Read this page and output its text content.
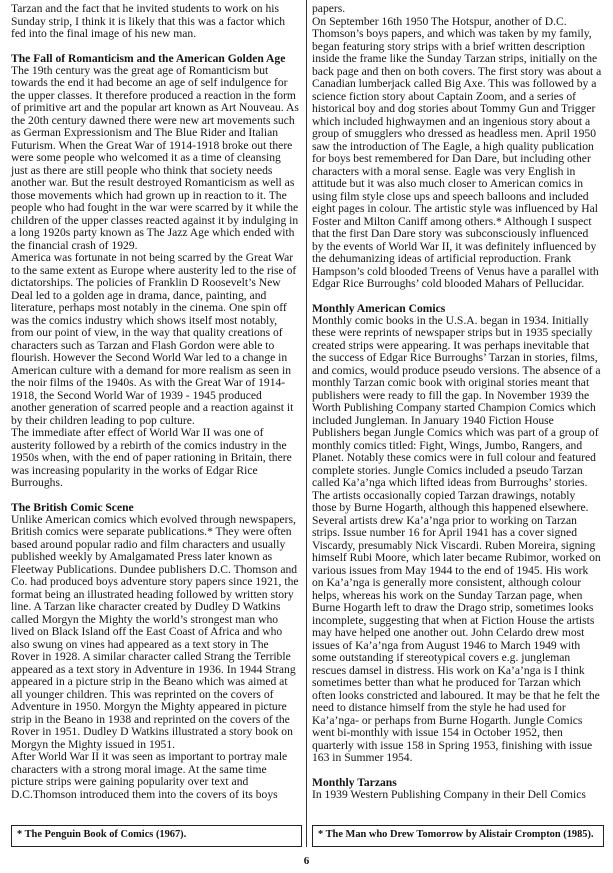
Tarzan and the fact that he invited students to work on his Sunday strip, I think it is likely that this was a factor which fed into the final image of his new man.

The Fall of Romanticism and the American Golden Age

The 19th century was the great age of Romanticism but towards the end it had become an age of self indulgence for the upper classes. It therefore produced a reaction in the form of primitive art and the popular art known as Art Nouveau. As the 20th century dawned there were new art movements such as German Expressionism and The Blue Rider and Italian Futurism. When the Great War of 1914-1918 broke out there were some people who welcomed it as a time of cleansing just as there are still people who think that society needs another war. But the result destroyed Romanticism as well as those movements which had grown up in reaction to it. The people who had fought in the war were scarred by it while the children of the upper classes reacted against it by indulging in a long 1920s party known as The Jazz Age which ended with the financial crash of 1929.

America was fortunate in not being scarred by the Great War to the same extent as Europe where austerity led to the rise of dictatorships. The policies of Franklin D Roosevelt’s New Deal led to a golden age in drama, dance, painting, and literature, perhaps most notably in the cinema. One spin off was the comics industry which shows itself most notably, from our point of view, in the way that quality creations of characters such as Tarzan and Flash Gordon were able to flourish. However the Second World War led to a change in American culture with a demand for more realism as seen in the noir films of the 1940s. As with the Great War of 1914-1918, the Second World War of 1939 - 1945 produced another generation of scarred people and a reaction against it by their children leading to pop culture.

The immediate after effect of World War II was one of austerity followed by a rebirth of the comics industry in the 1950s when, with the end of paper rationing in Britain, there was increasing popularity in the works of Edgar Rice Burroughs.

The British Comic Scene

Unlike American comics which evolved through newspapers, British comics were separate publications.* They were often based around popular radio and film characters and usually published weekly by Amalgamated Press later known as Fleetway Publications. Dundee publishers D.C. Thomson and Co. had produced boys adventure story papers since 1921, the format being an illustrated heading followed by written story line. A Tarzan like character created by Dudley D Watkins called Morgyn the Mighty the world’s strongest man who lived on Black Island off the East Coast of Africa and who also swung on vines had appeared as a text story in The Rover in 1928. A similar character called Strang the Terrible appeared as a text story in Adventure in 1936. In 1944 Strang appeared in a picture strip in the Beano which was aimed at all younger children. This was reprinted on the covers of Adventure in 1950. Morgyn the Mighty appeared in picture strip in the Beano in 1938 and reprinted on the covers of the Rover in 1951. Dudley D Watkins illustrated a story book on Morgyn the Mighty issued in 1951.

After World War II it was seen as important to portray male characters with a strong moral image. At the same time picture strips were gaining popularity over text and D.C.Thomson introduced them into the covers of its boys

papers.

On September 16th 1950 The Hotspur, another of D.C. Thomson’s boys papers, and which was taken by my family, began featuring story strips with a brief written description inside the frame like the Sunday Tarzan strips, initially on the back page and then on both covers. The first story was about a Canadian lumberjack called Big Axe. This was followed by a science fiction story about Captain Zoom, and a series of historical boy and dog stories about Tommy Gun and Trigger which included highwaymen and an ingenious story about a group of smugglers who dressed as headless men. April 1950 saw the introduction of The Eagle, a high quality publication for boys best remembered for Dan Dare, but including other characters with a moral sense. Eagle was very English in attitude but it was also much closer to American comics in using film style close ups and speech balloons and included eight pages in colour. The artistic style was influenced by Hal Foster and Milton Caniff among others.* Although I suspect that the first Dan Dare story was subconsciously influenced by the events of World War II, it was definitely influenced by the dehumanizing ideas of artificial reproduction. Frank Hampson’s cold blooded Treens of Venus have a parallel with Edgar Rice Burroughs’ cold blooded Mahars of Pellucidar.

Monthly American Comics

Monthly comic books in the U.S.A. began in 1934. Initially these were reprints of newspaper strips but in 1935 specially created strips were appearing. It was perhaps inevitable that the success of Edgar Rice Burroughs’ Tarzan in stories, films, and comics, would produce pseudo versions. The absence of a monthly Tarzan comic book with original stories meant that publishers were ready to fill the gap. In November 1939 the Worth Publishing Company started Champion Comics which included Jungleman. In January 1940 Fiction House Publishers began Jungle Comics which was part of a group of monthly comics titled: Fight, Wings, Jumbo, Rangers, and Planet. Notably these comics were in full colour and featured complete stories. Jungle Comics included a pseudo Tarzan called Ka’a’nga which lifted ideas from Burroughs’ stories. The artists occasionally copied Tarzan drawings, notably those by Burne Hogarth, although this happened elsewhere. Several artists drew Ka’a’nga prior to working on Tarzan strips. Issue number 16 for April 1941 has a cover signed Viscardy, presumably Nick Viscardi. Ruben Moreira, signing himself Rubi Moore, which later became Rubimor, worked on various issues from May 1944 to the end of 1945. His work on Ka’a’nga is generally more consistent, although colour helps, whereas his work on the Sunday Tarzan page, when Burne Hogarth left to draw the Drago strip, sometimes looks incomplete, suggesting that when at Fiction House the artists may have helped one another out. John Celardo drew most issues of Ka’a’nga from August 1946 to March 1949 with some outstanding if stereotypical covers e.g. jungleman rescues damsel in distress. His work on Ka’a’nga is I think sometimes better than what he produced for Tarzan which often looks constricted and laboured. It may be that he felt the need to distance himself from the style he had used for Ka’a’nga- or perhaps from Burne Hogarth. Jungle Comics went bi-monthly with issue 154 in October 1952, then quarterly with issue 158 in Spring 1953, finishing with issue 163 in Summer 1954.

Monthly Tarzans

In 1939 Western Publishing Company in their Dell Comics

* The Penguin Book of Comics (1967).	* The Man who Drew Tomorrow by Alistair Crompton (1985).

6
